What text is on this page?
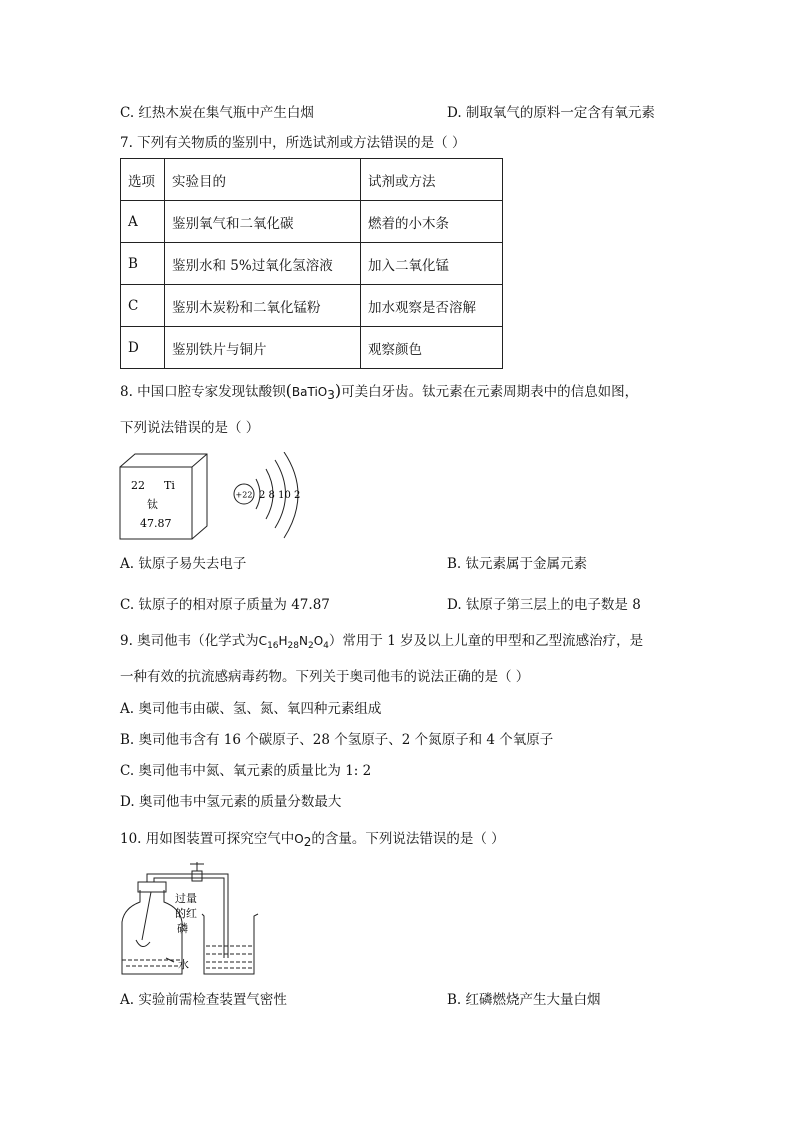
C. 红热木炭在集气瓶中产生白烟	D. 制取氧气的原料一定含有氧元素
7. 下列有关物质的鉴别中，所选试剂或方法错误的是（ ）
选项	实验目的	试剂或方法
A	鉴别氧气和二氧化碳	燃着的小木条
B	鉴别水和 5%过氧化氢溶液	加入二氧化锰
C	鉴别木炭粉和二氧化锰粉	加水观察是否溶解
D	鉴别铁片与铜片	观察颜色
8. 中国口腔专家发现钛酸钡(BaTiO3)可美白牙齿。钛元素在元素周期表中的信息如图，
下列说法错误的是（ ）
22 Ti
钛
47.87
+22 2 8 10 2
A. 钛原子易失去电子	B. 钛元素属于金属元素
C. 钛原子的相对原子质量为 47.87	D. 钛原子第三层上的电子数是 8
9. 奥司他韦（化学式为$C_{16}H_{28}N_2O_4$）常用于 1 岁及以上儿童的甲型和乙型流感治疗，是
一种有效的抗流感病毒药物。下列关于奥司他韦的说法正确的是（ ）
A. 奥司他韦由碳、氢、氮、氧四种元素组成
B. 奥司他韦含有 16 个碳原子、28 个氢原子、2 个氮原子和 4 个氧原子
C. 奥司他韦中氮、氧元素的质量比为 1: 2
D. 奥司他韦中氢元素的质量分数最大
10. 用如图装置可探究空气中O2的含量。下列说法错误的是（ ）
过量
的红
磷
水
A. 实验前需检查装置气密性	B. 红磷燃烧产生大量白烟
